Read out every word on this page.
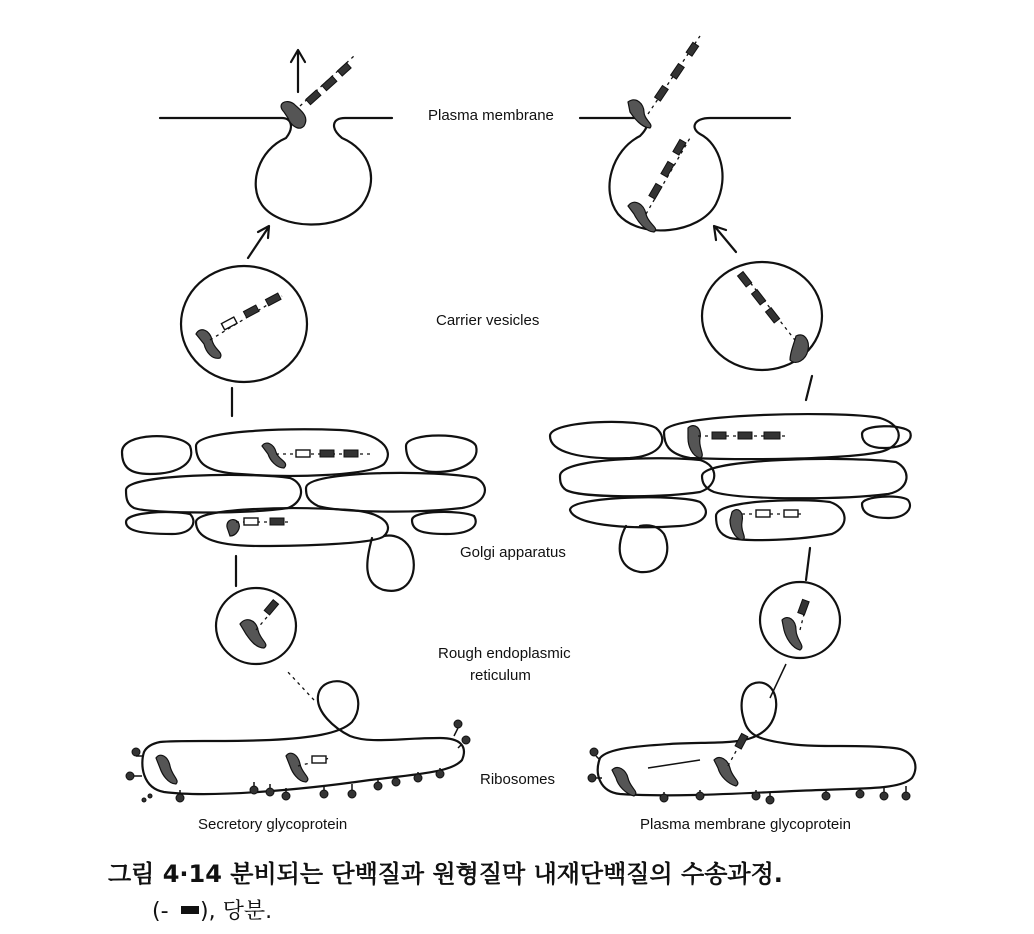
Plasma membrane
Carrier vesicles
Golgi apparatus
Rough endoplasmic
reticulum
Ribosomes
Secretory glycoprotein	Plasma membrane glycoprotein
그림 4·14 분비되는 단백질과 원형질막 내재단백질의 수송과정.
(- ), 당분.
